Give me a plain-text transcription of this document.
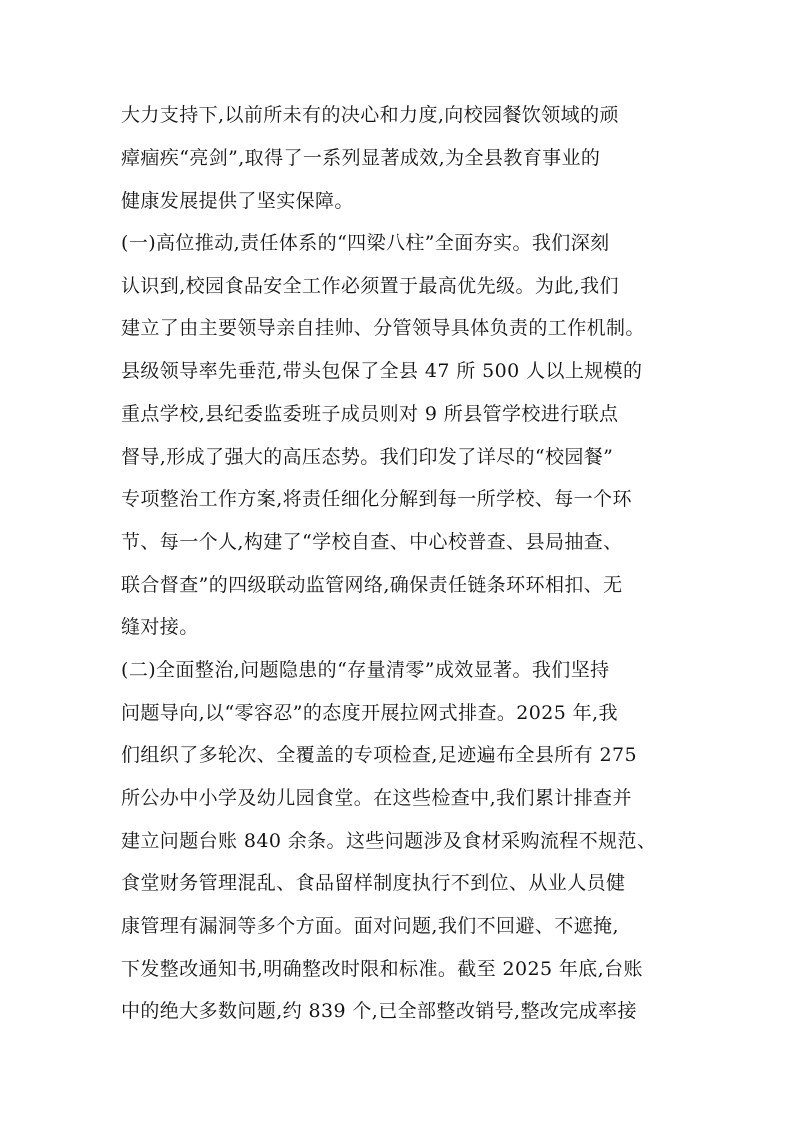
大力支持下,以前所未有的决心和力度,向校园餐饮领域的顽
瘴痼疾“亮剑”,取得了一系列显著成效,为全县教育事业的
健康发展提供了坚实保障。
(一)高位推动,责任体系的“四梁八柱”全面夯实。我们深刻
认识到,校园食品安全工作必须置于最高优先级。为此,我们
建立了由主要领导亲自挂帅、分管领导具体负责的工作机制。
县级领导率先垂范,带头包保了全县 47 所 500 人以上规模的
重点学校,县纪委监委班子成员则对 9 所县管学校进行联点
督导,形成了强大的高压态势。我们印发了详尽的“校园餐”
专项整治工作方案,将责任细化分解到每一所学校、每一个环
节、每一个人,构建了“学校自查、中心校普查、县局抽查、
联合督查”的四级联动监管网络,确保责任链条环环相扣、无
缝对接。
(二)全面整治,问题隐患的“存量清零”成效显著。我们坚持
问题导向,以“零容忍”的态度开展拉网式排查。2025 年,我
们组织了多轮次、全覆盖的专项检查,足迹遍布全县所有 275
所公办中小学及幼儿园食堂。在这些检查中,我们累计排查并
建立问题台账 840 余条。这些问题涉及食材采购流程不规范、
食堂财务管理混乱、食品留样制度执行不到位、从业人员健
康管理有漏洞等多个方面。面对问题,我们不回避、不遮掩,
下发整改通知书,明确整改时限和标准。截至 2025 年底,台账
中的绝大多数问题,约 839 个,已全部整改销号,整改完成率接
